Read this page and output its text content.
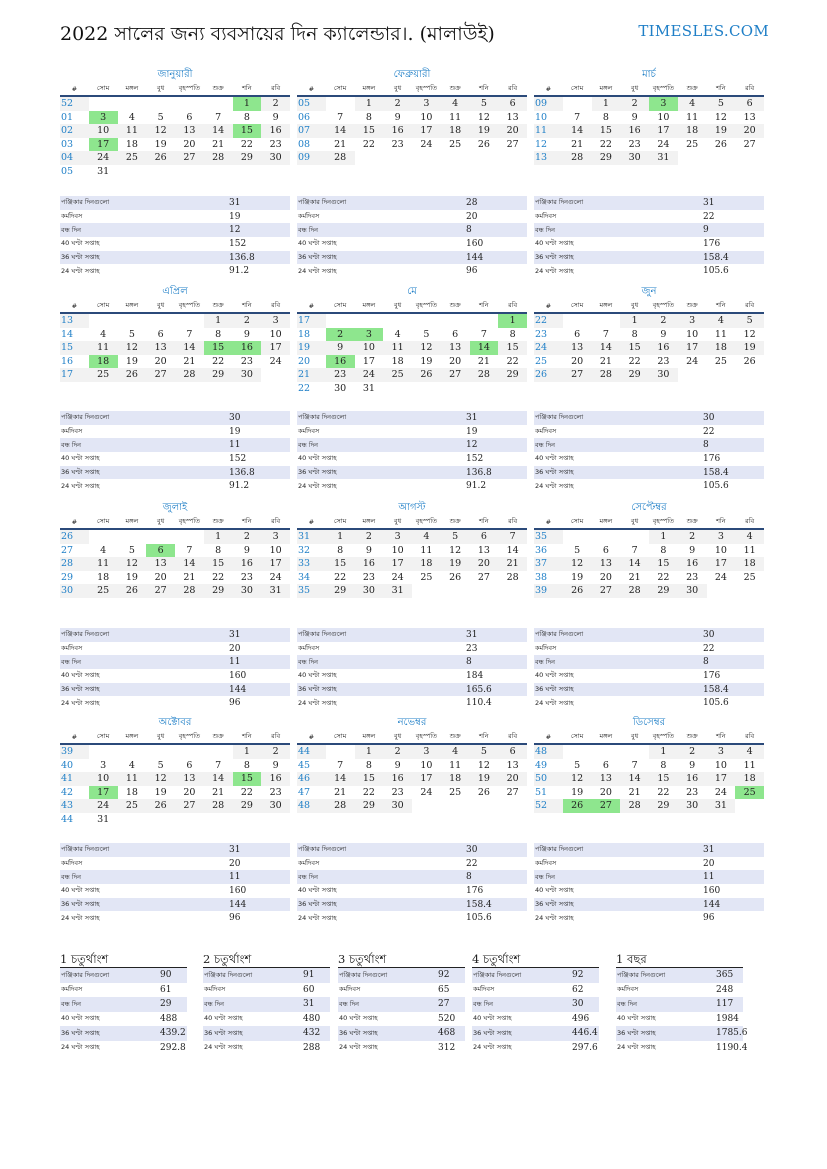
2022 সালের জন্য ব্যবসায়ের দিন ক্যালেন্ডার।. (মালাউই)	TIMESLES.COM
জানুয়ারী
#	সোম	মঙ্গল	বুধ	বৃহস্পতি	শুক্র	শনি	রবি
52						1	2
01	3	4	5	6	7	8	9
02	10	11	12	13	14	15	16
03	17	18	19	20	21	22	23
04	24	25	26	27	28	29	30
05	31						
পঞ্জিকার দিনগুলো	31
কর্মদিবস	19
বন্ধ দিন	12
40 ঘণ্টা সপ্তাহ	152
36 ঘণ্টা সপ্তাহ	136.8
24 ঘণ্টা সপ্তাহ	91.2
ফেব্রুয়ারী
#	সোম	মঙ্গল	বুধ	বৃহস্পতি	শুক্র	শনি	রবি
05		1	2	3	4	5	6
06	7	8	9	10	11	12	13
07	14	15	16	17	18	19	20
08	21	22	23	24	25	26	27
09	28						
পঞ্জিকার দিনগুলো	28
কর্মদিবস	20
বন্ধ দিন	8
40 ঘণ্টা সপ্তাহ	160
36 ঘণ্টা সপ্তাহ	144
24 ঘণ্টা সপ্তাহ	96
মার্চ
#	সোম	মঙ্গল	বুধ	বৃহস্পতি	শুক্র	শনি	রবি
09		1	2	3	4	5	6
10	7	8	9	10	11	12	13
11	14	15	16	17	18	19	20
12	21	22	23	24	25	26	27
13	28	29	30	31			
পঞ্জিকার দিনগুলো	31
কর্মদিবস	22
বন্ধ দিন	9
40 ঘণ্টা সপ্তাহ	176
36 ঘণ্টা সপ্তাহ	158.4
24 ঘণ্টা সপ্তাহ	105.6
এপ্রিল
#	সোম	মঙ্গল	বুধ	বৃহস্পতি	শুক্র	শনি	রবি
13					1	2	3
14	4	5	6	7	8	9	10
15	11	12	13	14	15	16	17
16	18	19	20	21	22	23	24
17	25	26	27	28	29	30	
পঞ্জিকার দিনগুলো	30
কর্মদিবস	19
বন্ধ দিন	11
40 ঘণ্টা সপ্তাহ	152
36 ঘণ্টা সপ্তাহ	136.8
24 ঘণ্টা সপ্তাহ	91.2
মে
#	সোম	মঙ্গল	বুধ	বৃহস্পতি	শুক্র	শনি	রবি
17							1
18	2	3	4	5	6	7	8
19	9	10	11	12	13	14	15
20	16	17	18	19	20	21	22
21	23	24	25	26	27	28	29
22	30	31					
পঞ্জিকার দিনগুলো	31
কর্মদিবস	19
বন্ধ দিন	12
40 ঘণ্টা সপ্তাহ	152
36 ঘণ্টা সপ্তাহ	136.8
24 ঘণ্টা সপ্তাহ	91.2
জুন
#	সোম	মঙ্গল	বুধ	বৃহস্পতি	শুক্র	শনি	রবি
22			1	2	3	4	5
23	6	7	8	9	10	11	12
24	13	14	15	16	17	18	19
25	20	21	22	23	24	25	26
26	27	28	29	30			
পঞ্জিকার দিনগুলো	30
কর্মদিবস	22
বন্ধ দিন	8
40 ঘণ্টা সপ্তাহ	176
36 ঘণ্টা সপ্তাহ	158.4
24 ঘণ্টা সপ্তাহ	105.6
জুলাই
#	সোম	মঙ্গল	বুধ	বৃহস্পতি	শুক্র	শনি	রবি
26					1	2	3
27	4	5	6	7	8	9	10
28	11	12	13	14	15	16	17
29	18	19	20	21	22	23	24
30	25	26	27	28	29	30	31
পঞ্জিকার দিনগুলো	31
কর্মদিবস	20
বন্ধ দিন	11
40 ঘণ্টা সপ্তাহ	160
36 ঘণ্টা সপ্তাহ	144
24 ঘণ্টা সপ্তাহ	96
আগস্ট
#	সোম	মঙ্গল	বুধ	বৃহস্পতি	শুক্র	শনি	রবি
31	1	2	3	4	5	6	7
32	8	9	10	11	12	13	14
33	15	16	17	18	19	20	21
34	22	23	24	25	26	27	28
35	29	30	31				
পঞ্জিকার দিনগুলো	31
কর্মদিবস	23
বন্ধ দিন	8
40 ঘণ্টা সপ্তাহ	184
36 ঘণ্টা সপ্তাহ	165.6
24 ঘণ্টা সপ্তাহ	110.4
সেপ্টেম্বর
#	সোম	মঙ্গল	বুধ	বৃহস্পতি	শুক্র	শনি	রবি
35				1	2	3	4
36	5	6	7	8	9	10	11
37	12	13	14	15	16	17	18
38	19	20	21	22	23	24	25
39	26	27	28	29	30		
পঞ্জিকার দিনগুলো	30
কর্মদিবস	22
বন্ধ দিন	8
40 ঘণ্টা সপ্তাহ	176
36 ঘণ্টা সপ্তাহ	158.4
24 ঘণ্টা সপ্তাহ	105.6
অক্টোবর
#	সোম	মঙ্গল	বুধ	বৃহস্পতি	শুক্র	শনি	রবি
39						1	2
40	3	4	5	6	7	8	9
41	10	11	12	13	14	15	16
42	17	18	19	20	21	22	23
43	24	25	26	27	28	29	30
44	31						
পঞ্জিকার দিনগুলো	31
কর্মদিবস	20
বন্ধ দিন	11
40 ঘণ্টা সপ্তাহ	160
36 ঘণ্টা সপ্তাহ	144
24 ঘণ্টা সপ্তাহ	96
নভেম্বর
#	সোম	মঙ্গল	বুধ	বৃহস্পতি	শুক্র	শনি	রবি
44		1	2	3	4	5	6
45	7	8	9	10	11	12	13
46	14	15	16	17	18	19	20
47	21	22	23	24	25	26	27
48	28	29	30				
পঞ্জিকার দিনগুলো	30
কর্মদিবস	22
বন্ধ দিন	8
40 ঘণ্টা সপ্তাহ	176
36 ঘণ্টা সপ্তাহ	158.4
24 ঘণ্টা সপ্তাহ	105.6
ডিসেম্বর
#	সোম	মঙ্গল	বুধ	বৃহস্পতি	শুক্র	শনি	রবি
48				1	2	3	4
49	5	6	7	8	9	10	11
50	12	13	14	15	16	17	18
51	19	20	21	22	23	24	25
52	26	27	28	29	30	31	
পঞ্জিকার দিনগুলো	31
কর্মদিবস	20
বন্ধ দিন	11
40 ঘণ্টা সপ্তাহ	160
36 ঘণ্টা সপ্তাহ	144
24 ঘণ্টা সপ্তাহ	96
1 চতুর্থাংশ
পঞ্জিকার দিনগুলো	90
কর্মদিবস	61
বন্ধ দিন	29
40 ঘণ্টা সপ্তাহ	488
36 ঘণ্টা সপ্তাহ	439.2
24 ঘণ্টা সপ্তাহ	292.8
2 চতুর্থাংশ
পঞ্জিকার দিনগুলো	91
কর্মদিবস	60
বন্ধ দিন	31
40 ঘণ্টা সপ্তাহ	480
36 ঘণ্টা সপ্তাহ	432
24 ঘণ্টা সপ্তাহ	288
3 চতুর্থাংশ
পঞ্জিকার দিনগুলো	92
কর্মদিবস	65
বন্ধ দিন	27
40 ঘণ্টা সপ্তাহ	520
36 ঘণ্টা সপ্তাহ	468
24 ঘণ্টা সপ্তাহ	312
4 চতুর্থাংশ
পঞ্জিকার দিনগুলো	92
কর্মদিবস	62
বন্ধ দিন	30
40 ঘণ্টা সপ্তাহ	496
36 ঘণ্টা সপ্তাহ	446.4
24 ঘণ্টা সপ্তাহ	297.6
1 বছর
পঞ্জিকার দিনগুলো	365
কর্মদিবস	248
বন্ধ দিন	117
40 ঘণ্টা সপ্তাহ	1984
36 ঘণ্টা সপ্তাহ	1785.6
24 ঘণ্টা সপ্তাহ	1190.4
